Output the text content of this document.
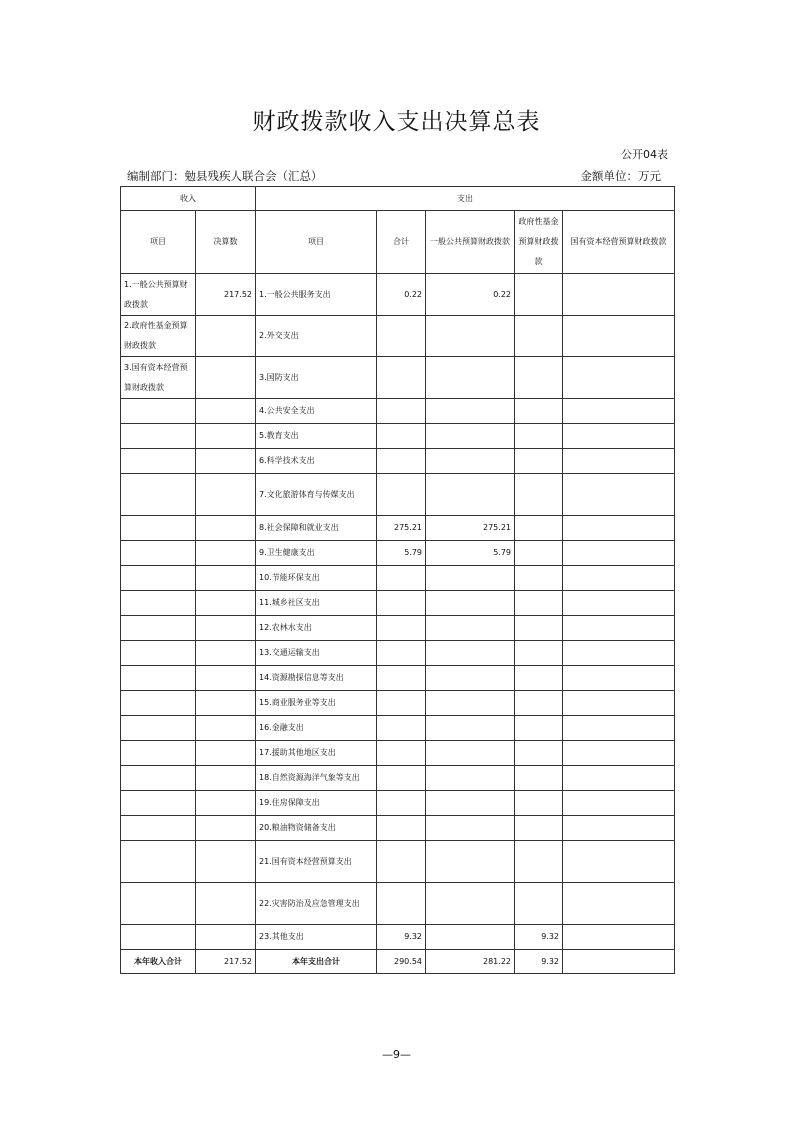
财政拨款收入支出决算总表
公开04表
编制部门：勉县残疾人联合会（汇总）	金额单位：万元
收入		支出				
项目	决算数	项目	合计	一般公共预算财政拨款	政府性基金预算财政拨款	国有资本经营预算财政拨款
1.一般公共预算财政拨款	217.52	1.一般公共服务支出	0.22	0.22		
2.政府性基金预算财政拨款		2.外交支出				
3.国有资本经营预算财政拨款		3.国防支出				
		4.公共安全支出				
		5.教育支出				
		6.科学技术支出				
		7.文化旅游体育与传媒支出				
		8.社会保障和就业支出	275.21	275.21		
		9.卫生健康支出	5.79	5.79		
		10.节能环保支出				
		11.城乡社区支出				
		12.农林水支出				
		13.交通运输支出				
		14.资源勘探信息等支出				
		15.商业服务业等支出				
		16.金融支出				
		17.援助其他地区支出				
		18.自然资源海洋气象等支出				
		19.住房保障支出				
		20.粮油物资储备支出				
		21.国有资本经营预算支出				
		22.灾害防治及应急管理支出				
		23.其他支出	9.32		9.32	
本年收入合计	217.52	本年支出合计	290.54	281.22	9.32	
—9—
